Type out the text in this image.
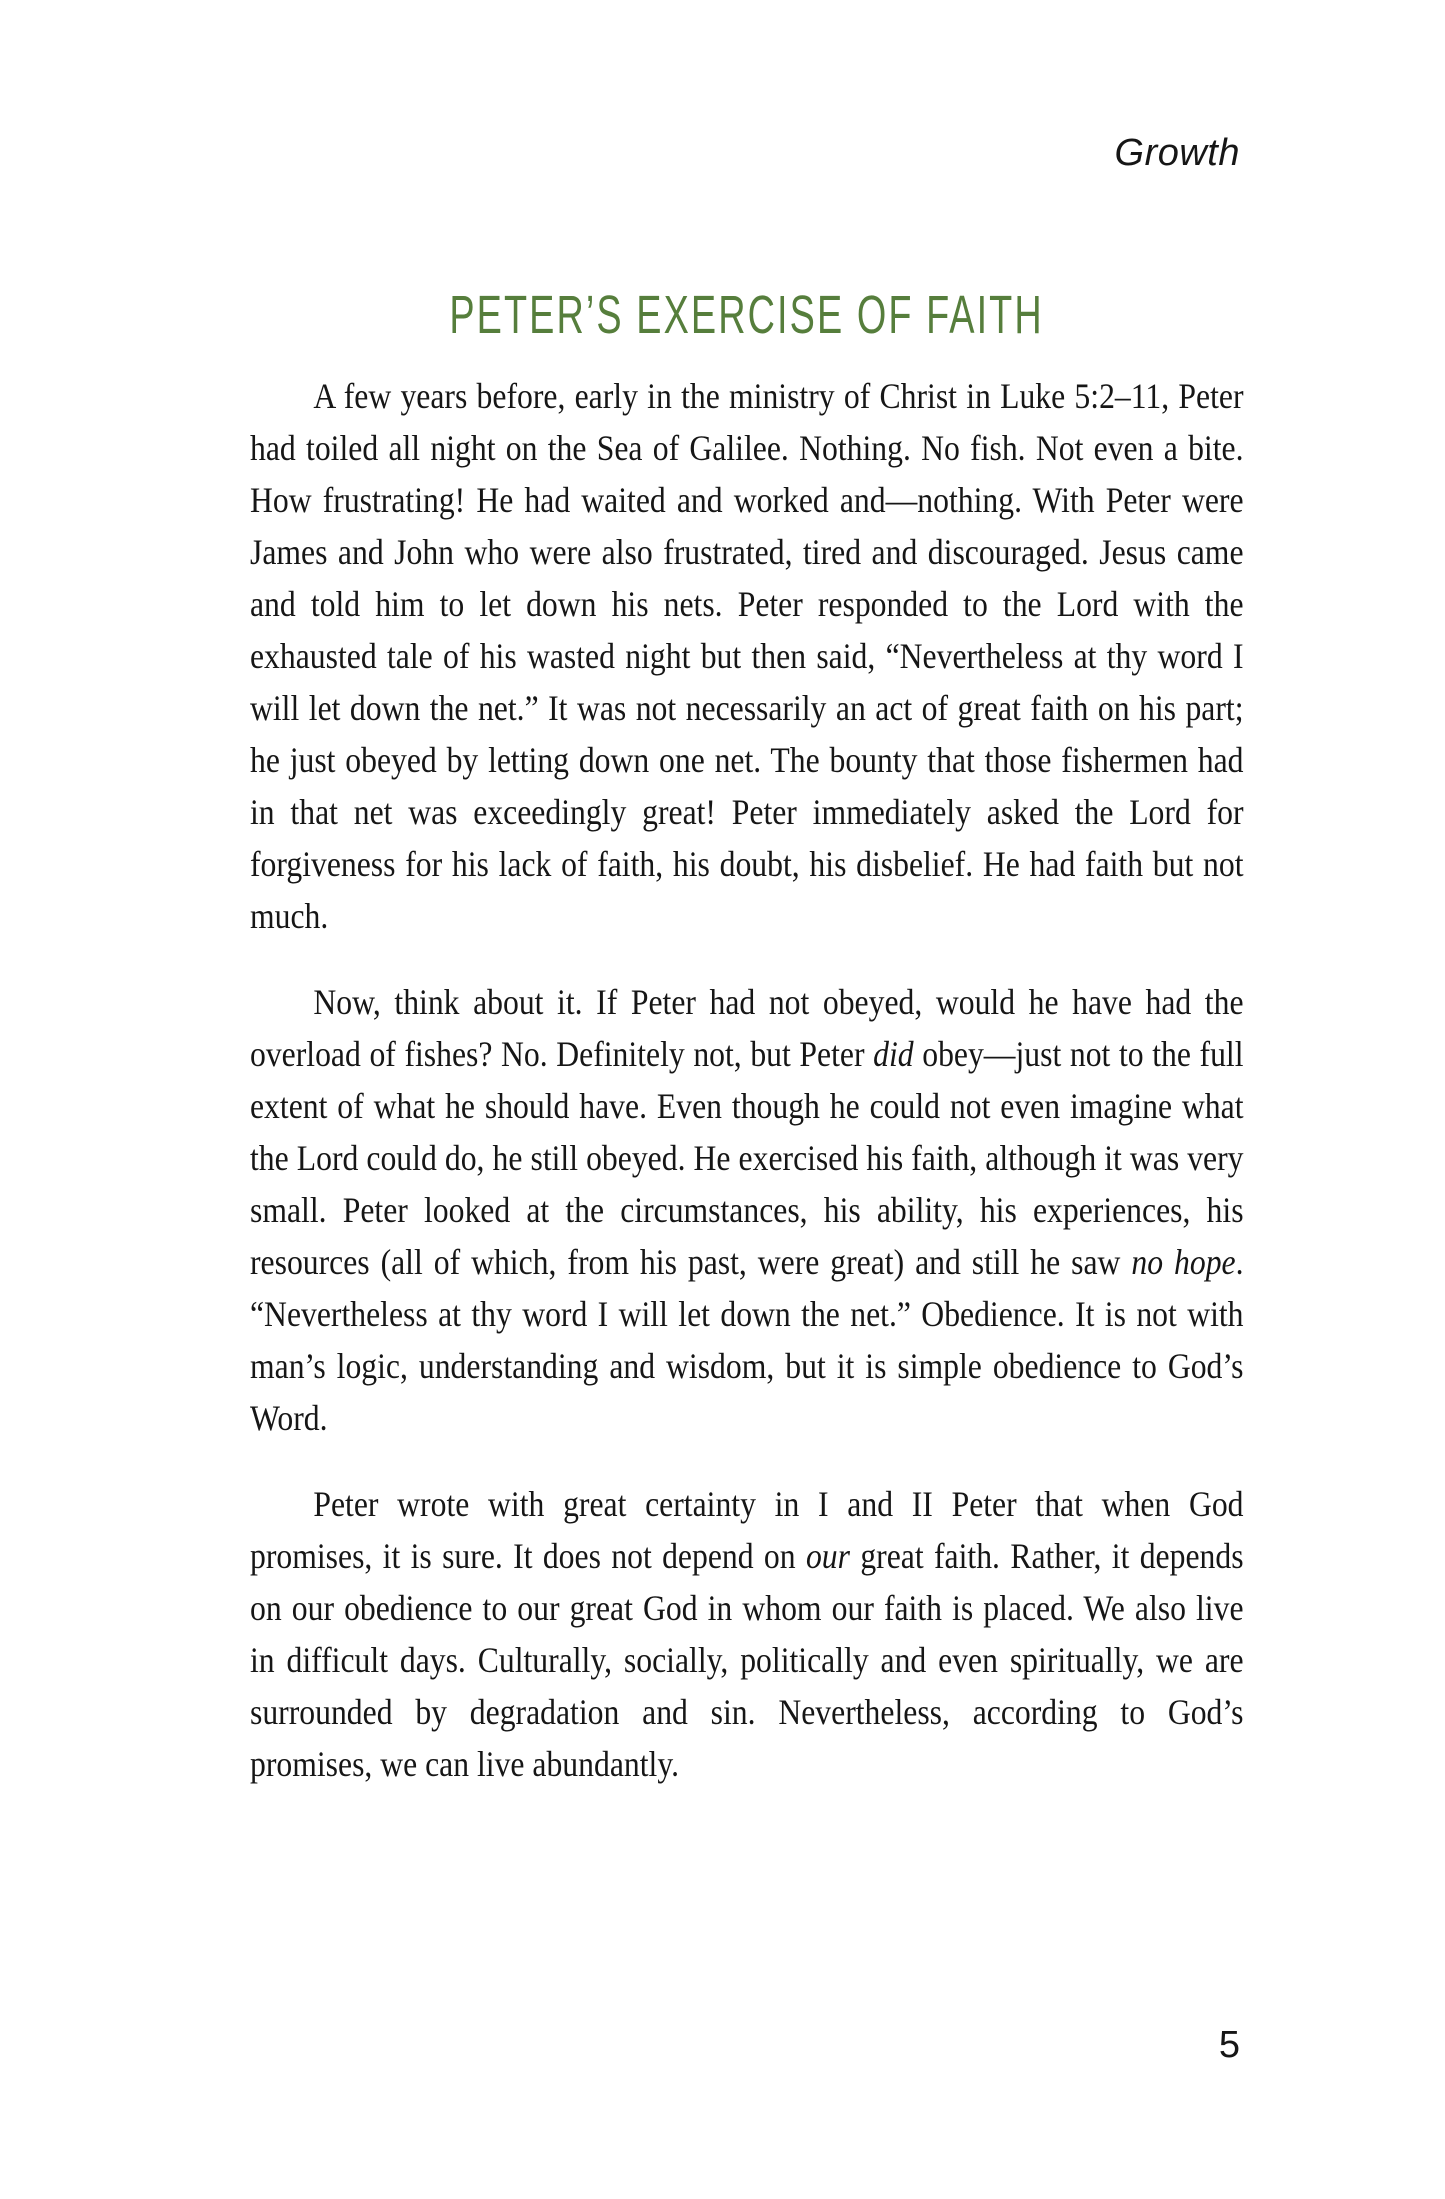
Growth
PETER’S EXERCISE OF FAITH

A few years before, early in the ministry of Christ in Luke 5:2–11, Peter had toiled all night on the Sea of Galilee. Nothing. No fish. Not even a bite. How frustrating! He had waited and worked and—nothing. With Peter were James and John who were also frustrated, tired and discouraged. Jesus came and told him to let down his nets. Peter responded to the Lord with the exhausted tale of his wasted night but then said, “Nevertheless at thy word I will let down the net.” It was not necessarily an act of great faith on his part; he just obeyed by letting down one net. The bounty that those fishermen had in that net was exceedingly great! Peter immediately asked the Lord for forgiveness for his lack of faith, his doubt, his disbelief. He had faith but not much.

Now, think about it. If Peter had not obeyed, would he have had the overload of fishes? No. Definitely not, but Peter did obey—just not to the full extent of what he should have. Even though he could not even imagine what the Lord could do, he still obeyed. He exercised his faith, although it was very small. Peter looked at the circumstances, his ability, his experiences, his resources (all of which, from his past, were great) and still he saw no hope. “Nevertheless at thy word I will let down the net.” Obedience. It is not with man’s logic, understanding and wisdom, but it is simple obedience to God’s Word.

Peter wrote with great certainty in I and II Peter that when God promises, it is sure. It does not depend on our great faith. Rather, it depends on our obedience to our great God in whom our faith is placed. We also live in difficult days. Culturally, socially, politically and even spiritually, we are surrounded by degradation and sin. Nevertheless, according to God’s promises, we can live abundantly.

5
